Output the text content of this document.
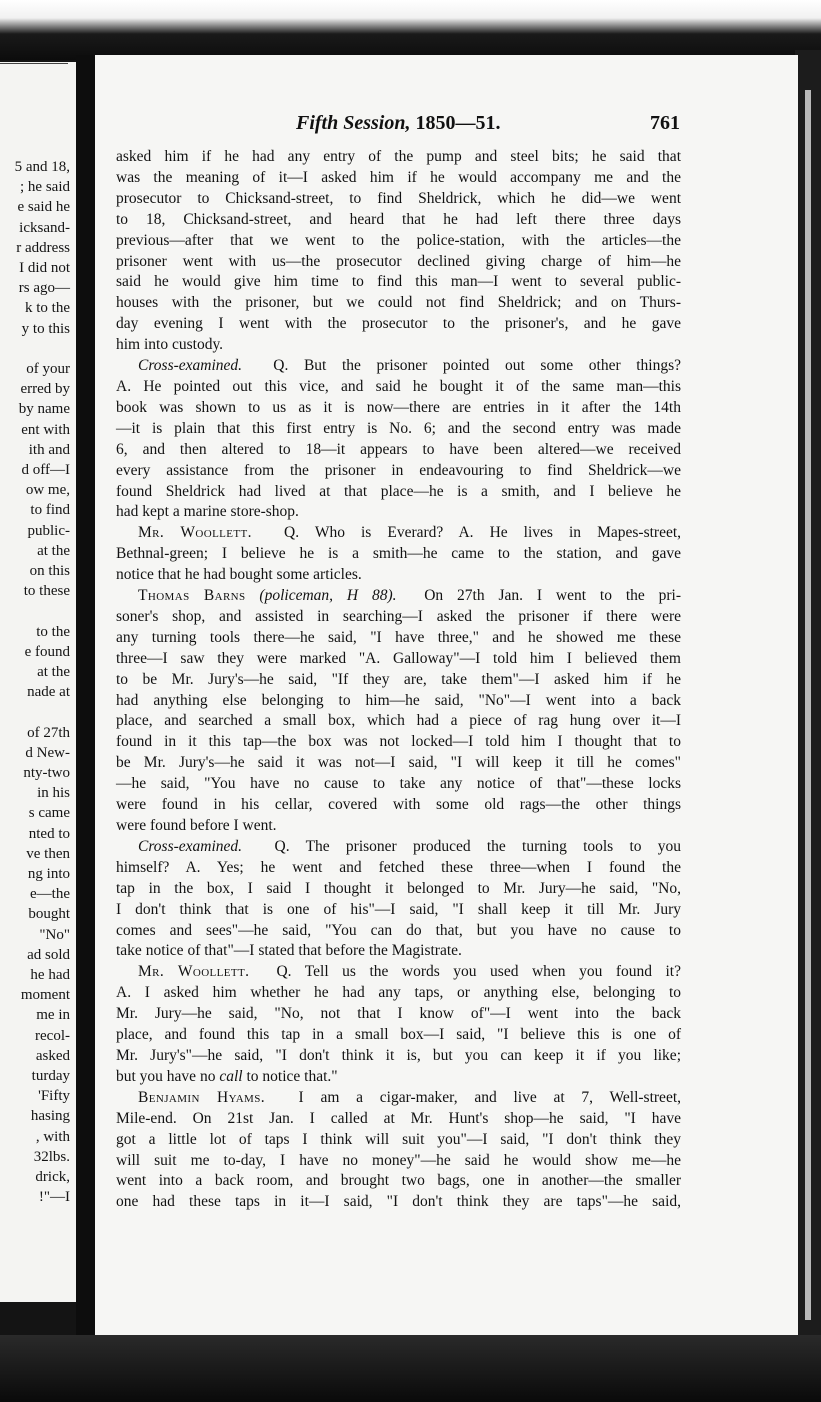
5 and 18,
; he said
e said he
icksand-
r address
I did not
rs ago—
k to the
y to this
of your
erred by
by name
ent with
ith and
d off—I
ow me,
to find
public-
at the
on this
to these
to the
e found
at the
nade at
of 27th
d New-
nty-two
in his
s came
nted to
ve then
ng into
e—the
bought
"No"
ad sold
he had
moment
me in
recol-
asked
turday
'Fifty
hasing
, with
32lbs.
drick,
!"—I
Fifth Session, 1850—51.	761
asked him if he had any entry of the pump and steel bits; he said that
was the meaning of it—I asked him if he would accompany me and the
prosecutor to Chicksand-street, to find Sheldrick, which he did—we went
to 18, Chicksand-street, and heard that he had left there three days
previous—after that we went to the police-station, with the articles—the
prisoner went with us—the prosecutor declined giving charge of him—he
said he would give him time to find this man—I went to several public-
houses with the prisoner, but we could not find Sheldrick; and on Thurs-
day evening I went with the prosecutor to the prisoner's, and he gave
him into custody.
Cross-examined. Q. But the prisoner pointed out some other things?
A. He pointed out this vice, and said he bought it of the same man—this
book was shown to us as it is now—there are entries in it after the 14th
—it is plain that this first entry is No. 6; and the second entry was made
6, and then altered to 18—it appears to have been altered—we received
every assistance from the prisoner in endeavouring to find Sheldrick—we
found Sheldrick had lived at that place—he is a smith, and I believe he
had kept a marine store-shop.
Mr. Woollett. Q. Who is Everard? A. He lives in Mapes-street,
Bethnal-green; I believe he is a smith—he came to the station, and gave
notice that he had bought some articles.
Thomas Barns (policeman, H 88). On 27th Jan. I went to the pri-
soner's shop, and assisted in searching—I asked the prisoner if there were
any turning tools there—he said, "I have three," and he showed me these
three—I saw they were marked "A. Galloway"—I told him I believed them
to be Mr. Jury's—he said, "If they are, take them"—I asked him if he
had anything else belonging to him—he said, "No"—I went into a back
place, and searched a small box, which had a piece of rag hung over it—I
found in it this tap—the box was not locked—I told him I thought that to
be Mr. Jury's—he said it was not—I said, "I will keep it till he comes"
—he said, "You have no cause to take any notice of that"—these locks
were found in his cellar, covered with some old rags—the other things
were found before I went.
Cross-examined. Q. The prisoner produced the turning tools to you
himself? A. Yes; he went and fetched these three—when I found the
tap in the box, I said I thought it belonged to Mr. Jury—he said, "No,
I don't think that is one of his"—I said, "I shall keep it till Mr. Jury
comes and sees"—he said, "You can do that, but you have no cause to
take notice of that"—I stated that before the Magistrate.
Mr. Woollett. Q. Tell us the words you used when you found it?
A. I asked him whether he had any taps, or anything else, belonging to
Mr. Jury—he said, "No, not that I know of"—I went into the back
place, and found this tap in a small box—I said, "I believe this is one of
Mr. Jury's"—he said, "I don't think it is, but you can keep it if you like;
but you have no call to notice that."
Benjamin Hyams. I am a cigar-maker, and live at 7, Well-street,
Mile-end. On 21st Jan. I called at Mr. Hunt's shop—he said, "I have
got a little lot of taps I think will suit you"—I said, "I don't think they
will suit me to-day, I have no money"—he said he would show me—he
went into a back room, and brought two bags, one in another—the smaller
one had these taps in it—I said, "I don't think they are taps"—he said,
